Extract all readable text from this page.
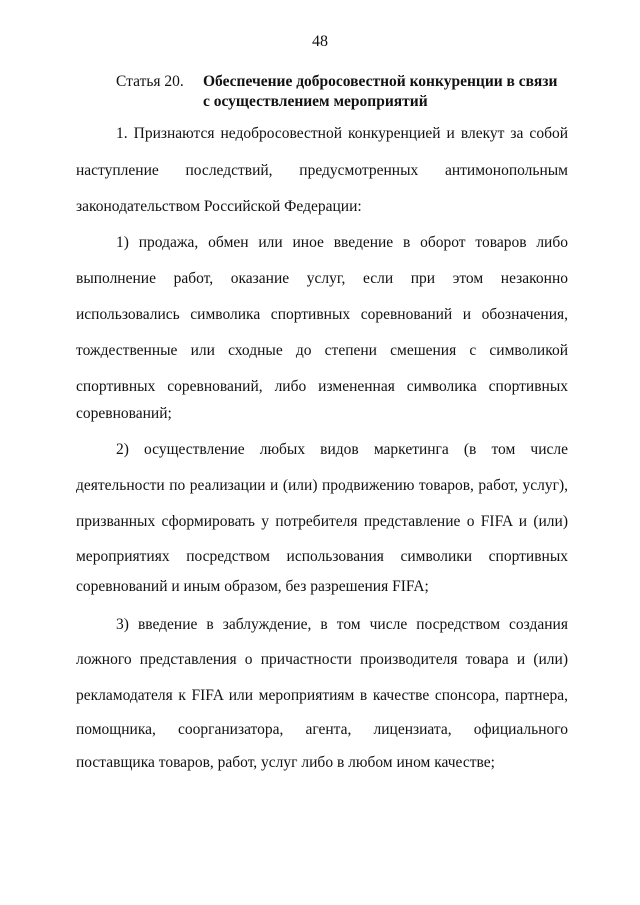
48
Статья 20. Обеспечение добросовестной конкуренции в связи
с осуществлением мероприятий
1. Признаются недобросовестной конкуренцией и влекут за собой
наступление последствий, предусмотренных антимонопольным
законодательством Российской Федерации:
1) продажа, обмен или иное введение в оборот товаров либо
выполнение работ, оказание услуг, если при этом незаконно
использовались символика спортивных соревнований и обозначения,
тождественные или сходные до степени смешения с символикой
спортивных соревнований, либо измененная символика спортивных
соревнований;
2) осуществление любых видов маркетинга (в том числе
деятельности по реализации и (или) продвижению товаров, работ, услуг),
призванных сформировать у потребителя представление о FIFA и (или)
мероприятиях посредством использования символики спортивных
соревнований и иным образом, без разрешения FIFA;
3) введение в заблуждение, в том числе посредством создания
ложного представления о причастности производителя товара и (или)
рекламодателя к FIFA или мероприятиям в качестве спонсора, партнера,
помощника, соорганизатора, агента, лицензиата, официального
поставщика товаров, работ, услуг либо в любом ином качестве;
